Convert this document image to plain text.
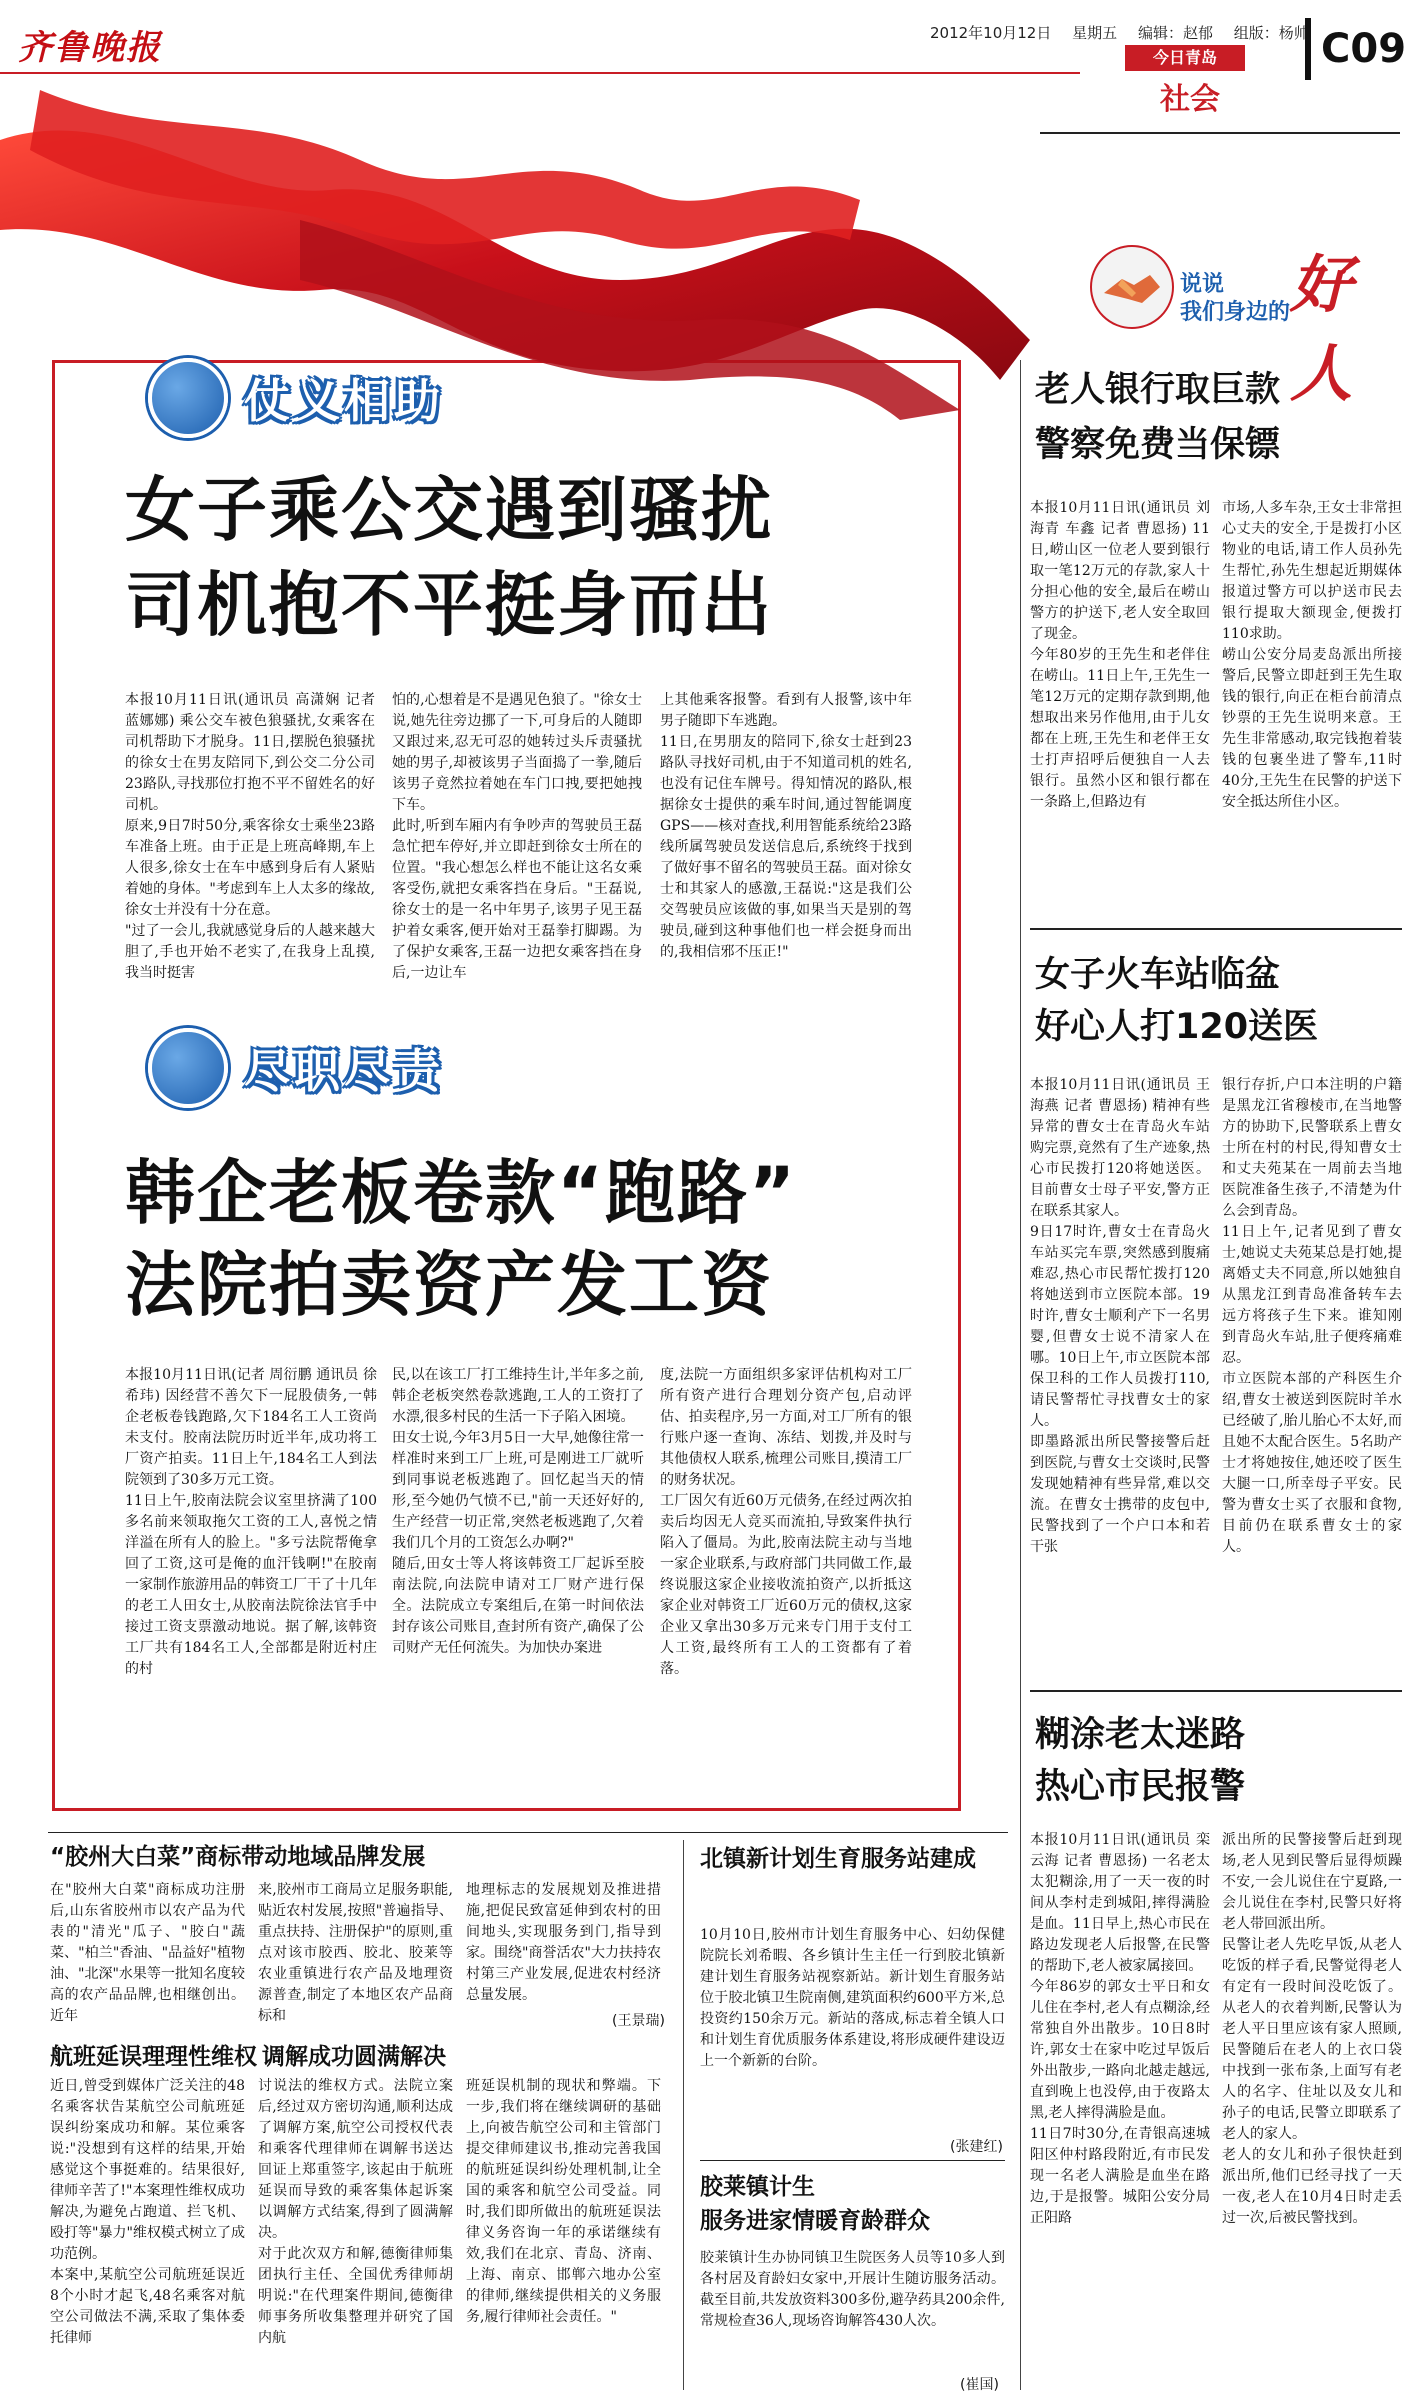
齐鲁晚报	2012年10月12日 星期五 编辑：赵郁 组版：杨帅
今日青岛
社会
C09
说说
我们身边的 好人
仗义相助
女子乘公交遇到骚扰
司机抱不平挺身而出
本报10月11日讯(通讯员 高潇娴 记者 蓝娜娜) 乘公交车被色狼骚扰,女乘客在司机帮助下才脱身。11日,摆脱色狼骚扰的徐女士在男友陪同下,到公交二分公司23路队,寻找那位打抱不平不留姓名的好司机。
原来,9日7时50分,乘客徐女士乘坐23路车准备上班。由于正是上班高峰期,车上人很多,徐女士在车中感到身后有人紧贴着她的身体。"考虑到车上人太多的缘故,徐女士并没有十分在意。
"过了一会儿,我就感觉身后的人越来越大胆了,手也开始不老实了,在我身上乱摸,我当时挺害
怕的,心想着是不是遇见色狼了。"徐女士说,她先往旁边挪了一下,可身后的人随即又跟过来,忍无可忍的她转过头斥责骚扰她的男子,却被该男子当面捣了一拳,随后该男子竟然拉着她在车门口拽,要把她拽下车。
此时,听到车厢内有争吵声的驾驶员王磊急忙把车停好,并立即赶到徐女士所在的位置。"我心想怎么样也不能让这名女乘客受伤,就把女乘客挡在身后。"王磊说,徐女士的是一名中年男子,该男子见王磊护着女乘客,便开始对王磊拳打脚踢。为了保护女乘客,王磊一边把女乘客挡在身后,一边让车
上其他乘客报警。看到有人报警,该中年男子随即下车逃跑。
11日,在男朋友的陪同下,徐女士赶到23路队寻找好司机,由于不知道司机的姓名,也没有记住车牌号。得知情况的路队,根据徐女士提供的乘车时间,通过智能调度GPS——核对查找,利用智能系统给23路线所属驾驶员发送信息后,系统终于找到了做好事不留名的驾驶员王磊。面对徐女士和其家人的感激,王磊说:"这是我们公交驾驶员应该做的事,如果当天是别的驾驶员,碰到这种事他们也一样会挺身而出的,我相信邪不压正!"
尽职尽责
韩企老板卷款“跑路”
法院拍卖资产发工资
本报10月11日讯(记者 周衍鹏 通讯员 徐希玮) 因经营不善欠下一屁股债务,一韩企老板卷钱跑路,欠下184名工人工资尚未支付。胶南法院历时近半年,成功将工厂资产拍卖。11日上午,184名工人到法院领到了30多万元工资。
11日上午,胶南法院会议室里挤满了100多名前来领取拖欠工资的工人,喜悦之情洋溢在所有人的脸上。"多亏法院帮俺拿回了工资,这可是俺的血汗钱啊!"在胶南一家制作旅游用品的韩资工厂干了十几年的老工人田女士,从胶南法院徐法官手中接过工资支票激动地说。据了解,该韩资工厂共有184名工人,全部都是附近村庄的村
民,以在该工厂打工维持生计,半年多之前,韩企老板突然卷款逃跑,工人的工资打了水漂,很多村民的生活一下子陷入困境。
田女士说,今年3月5日一大早,她像往常一样准时来到工厂上班,可是刚进工厂就听到同事说老板逃跑了。回忆起当天的情形,至今她仍气愤不已,"前一天还好好的,生产经营一切正常,突然老板逃跑了,欠着我们几个月的工资怎么办啊?"
随后,田女士等人将该韩资工厂起诉至胶南法院,向法院申请对工厂财产进行保全。法院成立专案组后,在第一时间依法封存该公司账目,查封所有资产,确保了公司财产无任何流失。为加快办案进
度,法院一方面组织多家评估机构对工厂所有资产进行合理划分资产包,启动评估、拍卖程序,另一方面,对工厂所有的银行账户逐一查询、冻结、划拨,并及时与其他债权人联系,梳理公司账目,摸清工厂的财务状况。
工厂因欠有近60万元债务,在经过两次拍卖后均因无人竞买而流拍,导致案件执行陷入了僵局。为此,胶南法院主动与当地一家企业联系,与政府部门共同做工作,最终说服这家企业接收流拍资产,以折抵这家企业对韩资工厂近60万元的债权,这家企业又拿出30多万元来专门用于支付工人工资,最终所有工人的工资都有了着落。
老人银行取巨款
警察免费当保镖
本报10月11日讯(通讯员 刘海青 车鑫 记者 曹恩扬) 11日,崂山区一位老人要到银行取一笔12万元的存款,家人十分担心他的安全,最后在崂山警方的护送下,老人安全取回了现金。
今年80岁的王先生和老伴住在崂山。11日上午,王先生一笔12万元的定期存款到期,他想取出来另作他用,由于儿女都在上班,王先生和老伴王女士打声招呼后便独自一人去银行。虽然小区和银行都在一条路上,但路边有
市场,人多车杂,王女士非常担心丈夫的安全,于是拨打小区物业的电话,请工作人员孙先生帮忙,孙先生想起近期媒体报道过警方可以护送市民去银行提取大额现金,便拨打110求助。
崂山公安分局麦岛派出所接警后,民警立即赶到王先生取钱的银行,向正在柜台前清点钞票的王先生说明来意。王先生非常感动,取完钱抱着装钱的包裹坐进了警车,11时40分,王先生在民警的护送下安全抵达所住小区。
女子火车站临盆
好心人打120送医
本报10月11日讯(通讯员 王海燕 记者 曹恩扬) 精神有些异常的曹女士在青岛火车站购完票,竟然有了生产迹象,热心市民拨打120将她送医。目前曹女士母子平安,警方正在联系其家人。
9日17时许,曹女士在青岛火车站买完车票,突然感到腹痛难忍,热心市民帮忙拨打120将她送到市立医院本部。19时许,曹女士顺利产下一名男婴,但曹女士说不清家人在哪。10日上午,市立医院本部保卫科的工作人员拨打110,请民警帮忙寻找曹女士的家人。
即墨路派出所民警接警后赶到医院,与曹女士交谈时,民警发现她精神有些异常,难以交流。在曹女士携带的皮包中,民警找到了一个户口本和若干张
银行存折,户口本注明的户籍是黑龙江省穆棱市,在当地警方的协助下,民警联系上曹女士所在村的村民,得知曹女士和丈夫苑某在一周前去当地医院准备生孩子,不清楚为什么会到青岛。
11日上午,记者见到了曹女士,她说丈夫苑某总是打她,提离婚丈夫不同意,所以她独自从黑龙江到青岛准备转车去远方将孩子生下来。谁知刚到青岛火车站,肚子便疼痛难忍。
市立医院本部的产科医生介绍,曹女士被送到医院时羊水已经破了,胎儿胎心不太好,而且她不太配合医生。5名助产士才将她按住,她还咬了医生大腿一口,所幸母子平安。民警为曹女士买了衣服和食物,目前仍在联系曹女士的家人。
糊涂老太迷路
热心市民报警
本报10月11日讯(通讯员 栾云海 记者 曹恩扬) 一名老太太犯糊涂,用了一天一夜的时间从李村走到城阳,摔得满脸是血。11日早上,热心市民在路边发现老人后报警,在民警的帮助下,老人被家属接回。
今年86岁的郭女士平日和女儿住在李村,老人有点糊涂,经常独自外出散步。10日8时许,郭女士在家中吃过早饭后外出散步,一路向北越走越远,直到晚上也没停,由于夜路太黑,老人摔得满脸是血。
11日7时30分,在青银高速城阳区仲村路段附近,有市民发现一名老人满脸是血坐在路边,于是报警。城阳公安分局正阳路
派出所的民警接警后赶到现场,老人见到民警后显得烦躁不安,一会儿说住在宁夏路,一会儿说住在李村,民警只好将老人带回派出所。
民警让老人先吃早饭,从老人吃饭的样子看,民警觉得老人有定有一段时间没吃饭了。从老人的衣着判断,民警认为老人平日里应该有家人照顾,民警随后在老人的上衣口袋中找到一张布条,上面写有老人的名字、住址以及女儿和孙子的电话,民警立即联系了老人的家人。
老人的女儿和孙子很快赶到派出所,他们已经寻找了一天一夜,老人在10月4日时走丢过一次,后被民警找到。
“胶州大白菜”商标带动地域品牌发展
在"胶州大白菜"商标成功注册后,山东省胶州市以农产品为代表的"清光"瓜子、"胶白"蔬菜、"柏兰"香油、"品益好"植物油、"北深"水果等一批知名度较高的农产品品牌,也相继创出。近年
来,胶州市工商局立足服务职能,贴近农村发展,按照"普遍指导、重点扶持、注册保护"的原则,重点对该市胶西、胶北、胶莱等农业重镇进行农产品及地理资源普查,制定了本地区农产品商标和
地理标志的发展规划及推进措施,把促民致富延伸到农村的田间地头,实现服务到门,指导到家。围绕"商誉活农"大力扶持农村第三产业发展,促进农村经济总量发展。
(王景瑞)
航班延误理理性维权
近日,曾受到媒体广泛关注的48名乘客状告某航空公司航班延误纠纷案成功和解。某位乘客说:"没想到有这样的结果,开始感觉这个事挺难的。结果很好,律师辛苦了!"本案理性维权成功解决,为避免占跑道、拦飞机、殴打等"暴力"维权模式树立了成功范例。
本案中,某航空公司航班延误近8个小时才起飞,48名乘客对航空公司做法不满,采取了集体委托律师
调解成功圆满解决
讨说法的维权方式。法院立案后,经过双方密切沟通,顺利达成了调解方案,航空公司授权代表和乘客代理律师在调解书送达回证上郑重签字,该起由于航班延误而导致的乘客集体起诉案以调解方式结案,得到了圆满解决。
对于此次双方和解,德衡律师集团执行主任、全国优秀律师胡明说:"在代理案件期间,德衡律师事务所收集整理并研究了国内航
班延误机制的现状和弊端。下一步,我们将在继续调研的基础上,向被告航空公司和主管部门提交律师建议书,推动完善我国的航班延误纠纷处理机制,让全国的乘客和航空公司受益。同时,我们即所做出的航班延误法律义务咨询一年的承诺继续有效,我们在北京、青岛、济南、上海、南京、邯郸六地办公室的律师,继续提供相关的义务服务,履行律师社会责任。"
北镇新计划生育服务站建成
10月10日,胶州市计划生育服务中心、妇幼保健院院长刘希暇、各乡镇计生主任一行到胶北镇新建计划生育服务站视察新站。新计划生育服务站位于胶北镇卫生院南侧,建筑面积约600平方米,总投资约150余万元。新站的落成,标志着全镇人口和计划生育优质服务体系建设,将形成硬件建设迈上一个新新的台阶。
(张建红)
胶莱镇计生
服务进家情暖育龄群众
胶莱镇计生办协同镇卫生院医务人员等10多人到各村居及育龄妇女家中,开展计生随访服务活动。截至目前,共发放资料300多份,避孕药具200余件,常规检查36人,现场咨询解答430人次。
(崔国)
